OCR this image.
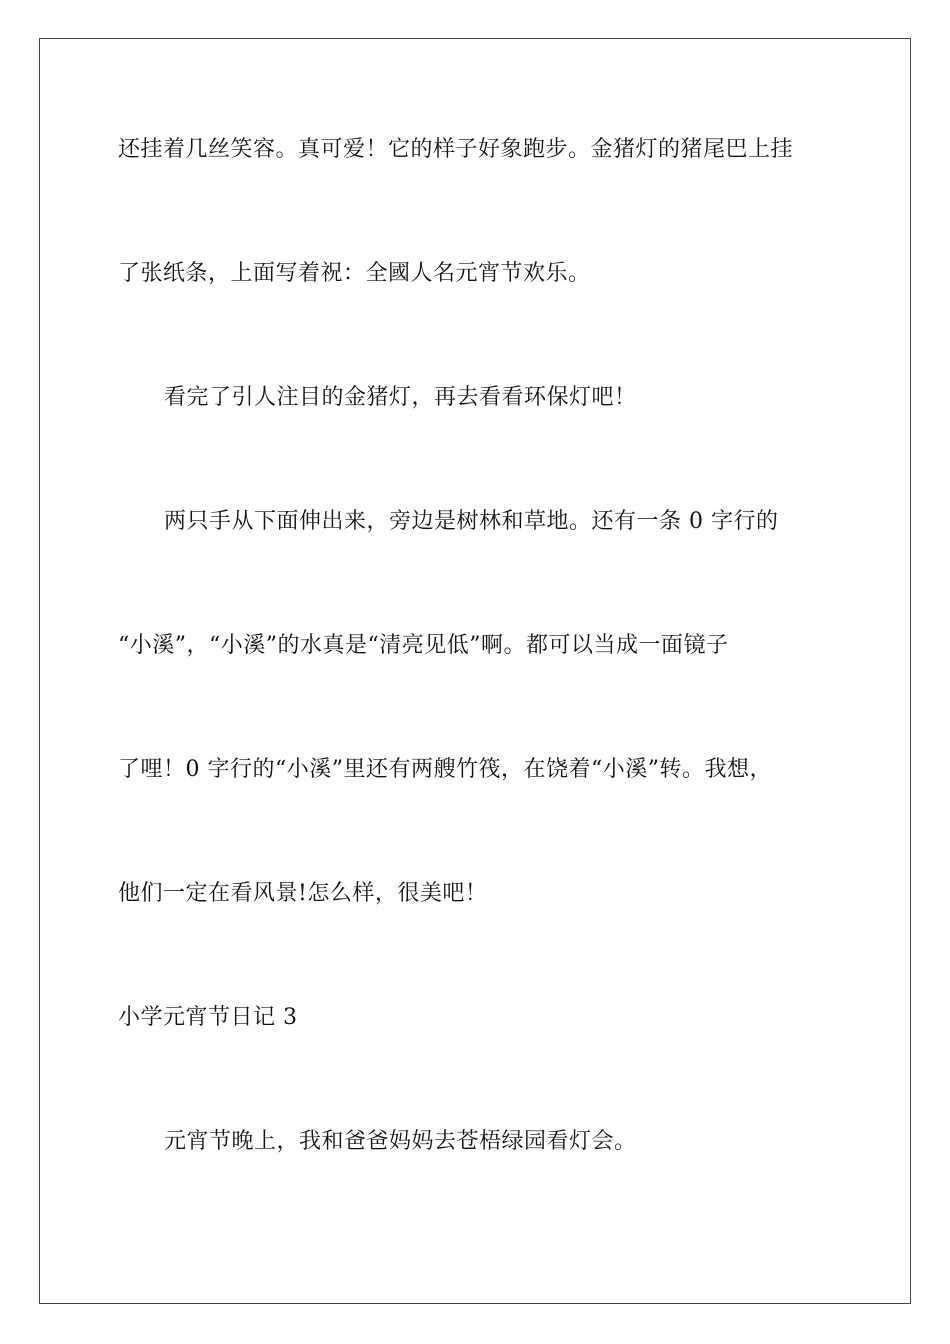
还挂着几丝笑容。真可爱！它的样子好象跑步。金猪灯的猪尾巴上挂
了张纸条，上面写着祝：全國人名元宵节欢乐。
看完了引人注目的金猪灯，再去看看环保灯吧！
两只手从下面伸出来，旁边是树林和草地。还有一条 0 字行的
“小溪”，“小溪”的水真是“清亮见低”啊。都可以当成一面镜子
了哩！0 字行的“小溪”里还有两艘竹筏，在饶着“小溪”转。我想，
他们一定在看风景!怎么样，很美吧！
小学元宵节日记 3
元宵节晚上，我和爸爸妈妈去苍梧绿园看灯会。
